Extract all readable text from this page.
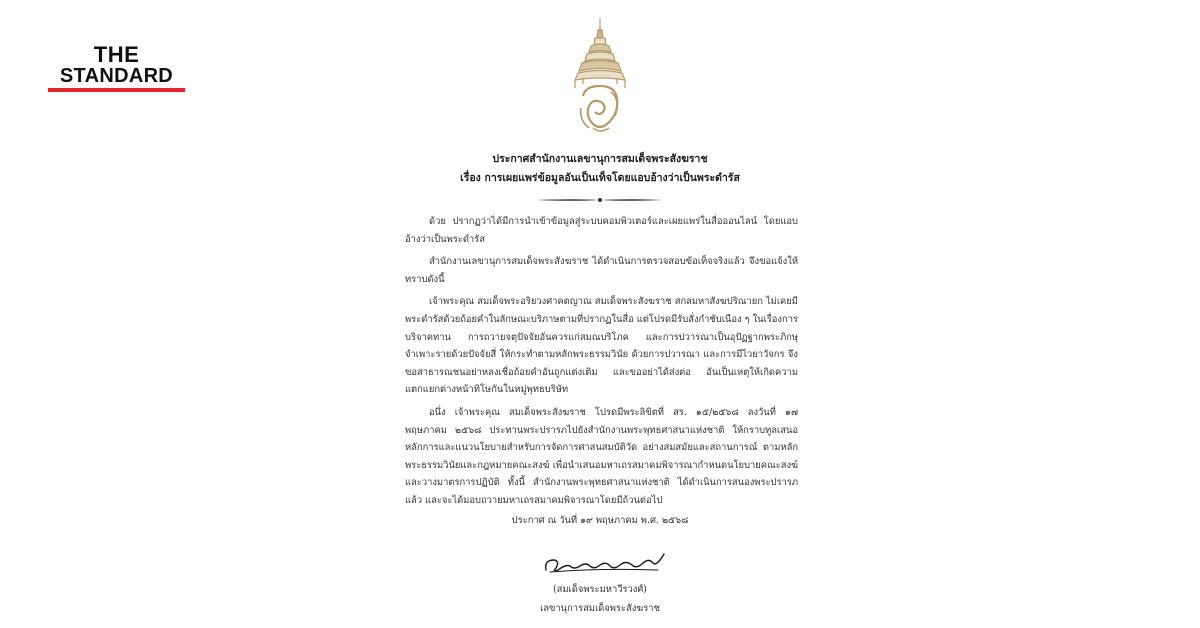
THE
STANDARD
ประกาศสำนักงานเลขานุการสมเด็จพระสังฆราช
เรื่อง การเผยแพร่ข้อมูลอันเป็นเท็จโดยแอบอ้างว่าเป็นพระดำรัส

ด้วย ปรากฏว่าได้มีการนำเข้าข้อมูลสู่ระบบคอมพิวเตอร์และเผยแพร่ในสื่อออนไลน์ โดยแอบอ้างว่าเป็นพระดำรัส

สำนักงานเลขานุการสมเด็จพระสังฆราช ได้ดำเนินการตรวจสอบข้อเท็จจริงแล้ว จึงขอแจ้งให้ทราบดังนี้

เจ้าพระคุณ สมเด็จพระอริยวงศาคตญาณ สมเด็จพระสังฆราช สกลมหาสังฆปริณายก ไม่เคยมีพระดำรัสด้วยถ้อยคำในลักษณะบริภาษตามที่ปรากฏในสื่อ แต่โปรดมีรับสั่งกำชับเนือง ๆ ในเรื่องการบริจาคทาน การถวายจตุปัจจัยอันควรแก่สมณบริโภค และการปวารณาเป็นอุปัฏฐากพระภิกษุจำเพาะรายด้วยปัจจัยสี่ ให้กระทำตามหลักพระธรรมวินัย ด้วยการปวารณา และการมีไวยาวัจกร จึงขอสาธารณชนอย่าหลงเชื่อถ้อยคำอันถูกแต่งเติม และขออย่าได้ส่งต่อ อันเป็นเหตุให้เกิดความแตกแยกต่างหน้าทิโษกันในหมู่พุทธบริษัท

อนึ่ง เจ้าพระคุณ สมเด็จพระสังฆราช โปรดมีพระลิขิตที่ สร. ๑๕/๒๕๖๘ ลงวันที่ ๑๗ พฤษภาคม ๒๕๖๘ ประทานพระปรารภไปยังสำนักงานพระพุทธศาสนาแห่งชาติ ให้กราบทูลเสนอหลักการและแนวนโยบายสำหรับการจัดการศาสนสมบัติวัด อย่างสมสมัยและสถานการณ์ ตามหลักพระธรรมวินัยและกฎหมายคณะสงฆ์ เพื่อนำเสนอมหาเถรสมาคมพิจารณากำหนดนโยบายคณะสงฆ์ และวางมาตรการปฏิบัติ ทั้งนี้ สำนักงานพระพุทธศาสนาแห่งชาติ ได้ดำเนินการสนองพระปรารภแล้ว และจะได้มอบถวายมหาเถรสมาคมพิจารณาโดยมีถ้วนต่อไป

ประกาศ ณ วันที่ ๑๙ พฤษภาคม พ.ศ. ๒๕๖๘
(สมเด็จพระมหาวีรวงศ์)
เลขานุการสมเด็จพระสังฆราช
